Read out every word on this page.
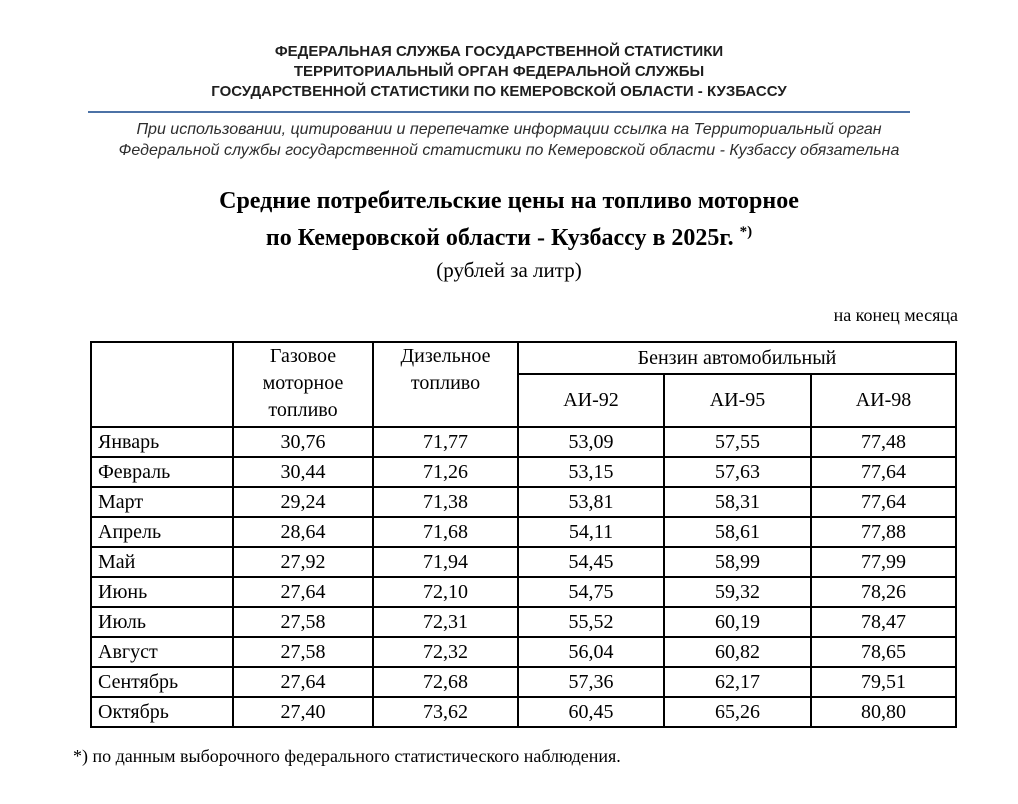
ФЕДЕРАЛЬНАЯ СЛУЖБА ГОСУДАРСТВЕННОЙ СТАТИСТИКИ
ТЕРРИТОРИАЛЬНЫЙ ОРГАН ФЕДЕРАЛЬНОЙ СЛУЖБЫ
ГОСУДАРСТВЕННОЙ СТАТИСТИКИ ПО КЕМЕРОВСКОЙ ОБЛАСТИ - КУЗБАССУ
При использовании, цитировании и перепечатке информации ссылка на Территориальный орган
Федеральной службы государственной статистики по Кемеровской области - Кузбассу обязательна
Средние потребительские цены на топливо моторное
по Кемеровской области - Кузбассу в 2025г. *)
(рублей за литр)
на конец месяца
	Газовое моторное топливо	Дизельное топливо	Бензин автомобильный		
			АИ-92	АИ-95	АИ-98
Январь	30,76	71,77	53,09	57,55	77,48
Февраль	30,44	71,26	53,15	57,63	77,64
Март	29,24	71,38	53,81	58,31	77,64
Апрель	28,64	71,68	54,11	58,61	77,88
Май	27,92	71,94	54,45	58,99	77,99
Июнь	27,64	72,10	54,75	59,32	78,26
Июль	27,58	72,31	55,52	60,19	78,47
Август	27,58	72,32	56,04	60,82	78,65
Сентябрь	27,64	72,68	57,36	62,17	79,51
Октябрь	27,40	73,62	60,45	65,26	80,80
*) по данным выборочного федерального статистического наблюдения.
